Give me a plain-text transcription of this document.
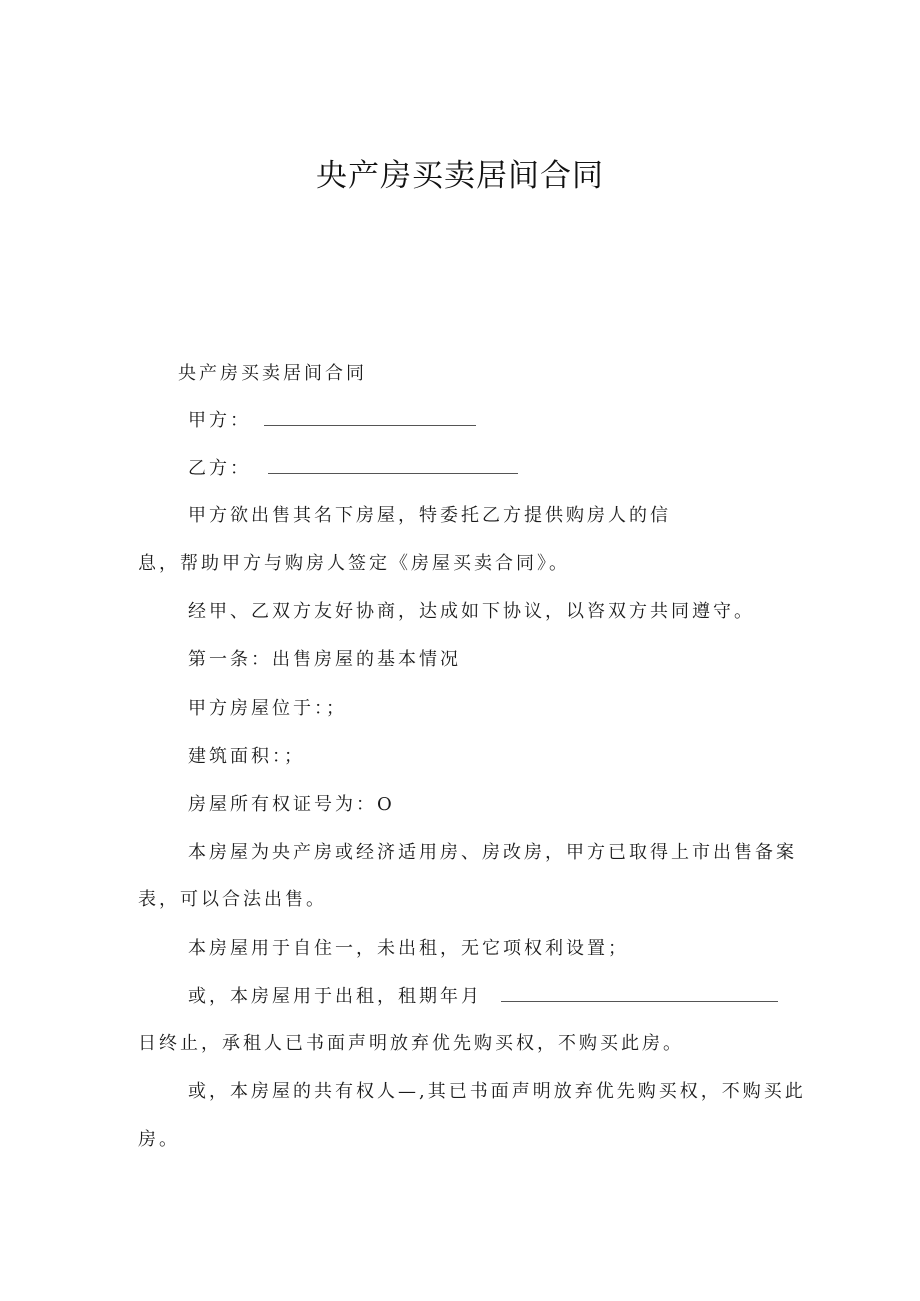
央产房买卖居间合同
央产房买卖居间合同
甲方：
乙方：
甲方欲出售其名下房屋，特委托乙方提供购房人的信
息，帮助甲方与购房人签定《房屋买卖合同》。
经甲、乙双方友好协商，达成如下协议，以咨双方共同遵守。
第一条：出售房屋的基本情况
甲方房屋位于：；
建筑面积：；
房屋所有权证号为：O
本房屋为央产房或经济适用房、房改房，甲方已取得上市出售备案
表，可以合法出售。
本房屋用于自住一，未出租，无它项权利设置；
或，本房屋用于出租，租期年月
日终止，承租人已书面声明放弃优先购买权，不购买此房。
或，本房屋的共有权人—,其已书面声明放弃优先购买权，不购买此
房。
